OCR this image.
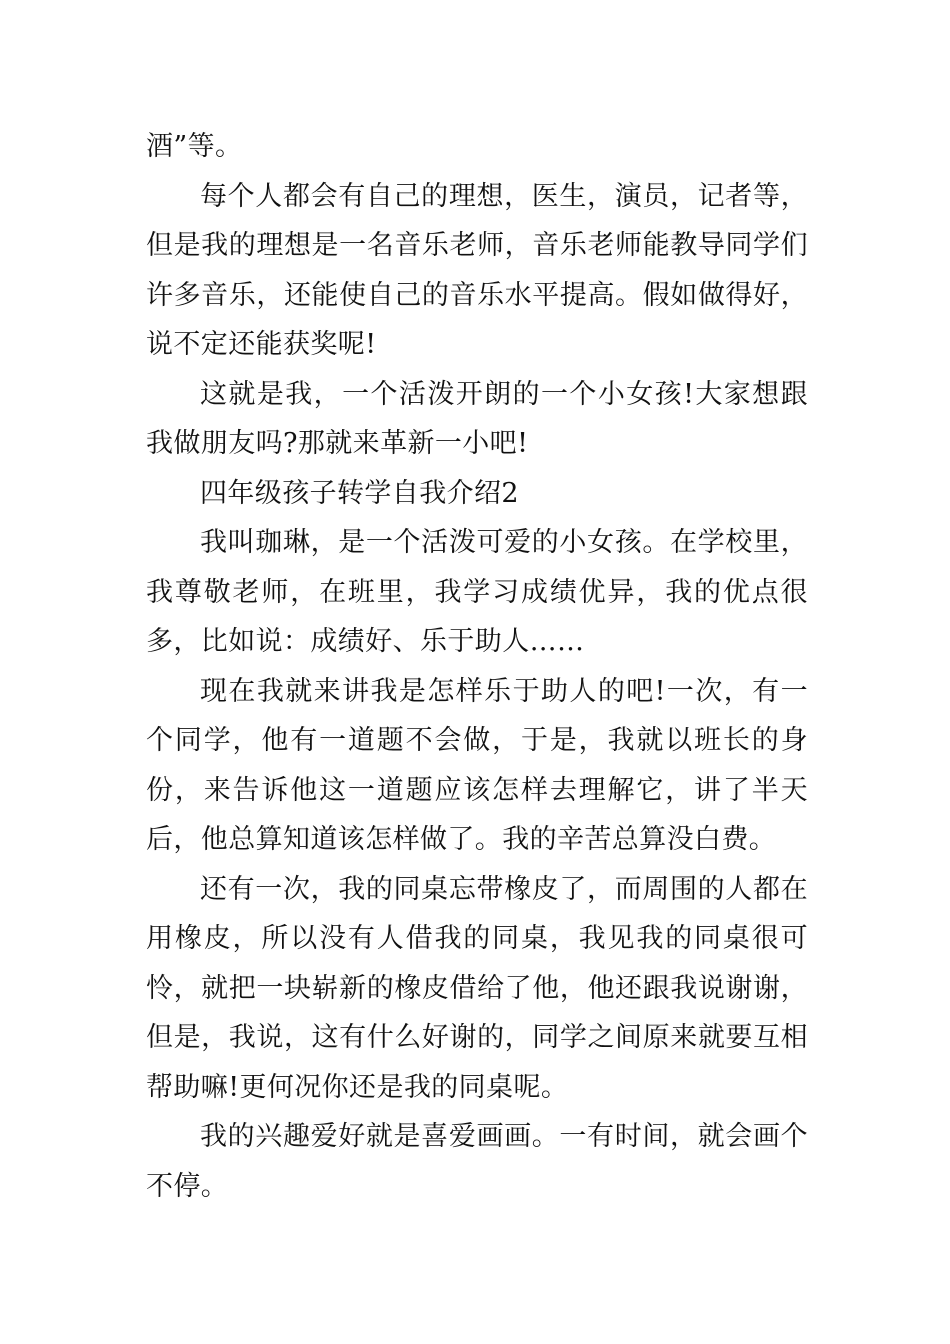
酒”等。

每个人都会有自己的理想，医生，演员，记者等，但是我的理想是一名音乐老师，音乐老师能教导同学们许多音乐，还能使自己的音乐水平提高。假如做得好，说不定还能获奖呢!

这就是我，一个活泼开朗的一个小女孩!大家想跟我做朋友吗?那就来革新一小吧!

四年级孩子转学自我介绍2

我叫珈琳，是一个活泼可爱的小女孩。在学校里，我尊敬老师，在班里，我学习成绩优异，我的优点很多，比如说：成绩好、乐于助人……

现在我就来讲我是怎样乐于助人的吧!一次，有一个同学，他有一道题不会做，于是，我就以班长的身份，来告诉他这一道题应该怎样去理解它，讲了半天后，他总算知道该怎样做了。我的辛苦总算没白费。

还有一次，我的同桌忘带橡皮了，而周围的人都在用橡皮，所以没有人借我的同桌，我见我的同桌很可怜，就把一块崭新的橡皮借给了他，他还跟我说谢谢，但是，我说，这有什么好谢的，同学之间原来就要互相帮助嘛!更何况你还是我的同桌呢。

我的兴趣爱好就是喜爱画画。一有时间，就会画个不停。
